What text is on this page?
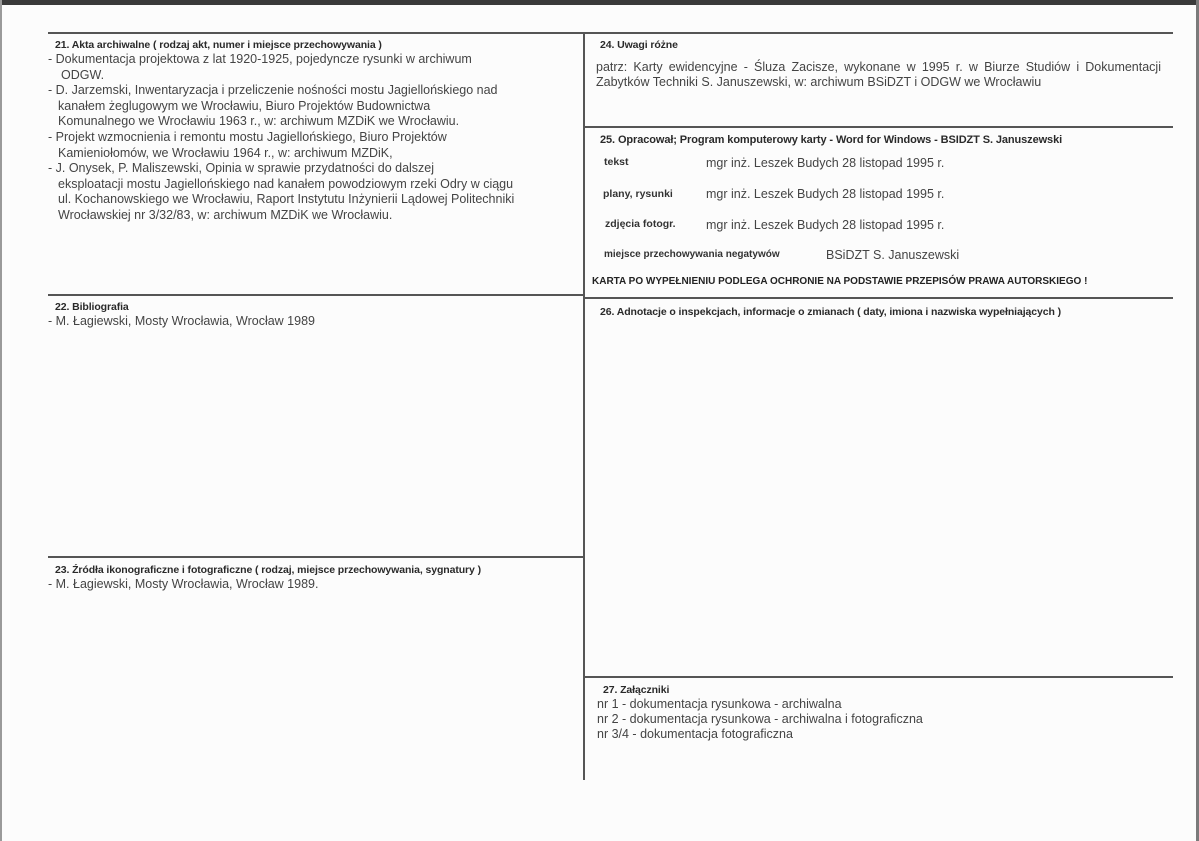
21. Akta archiwalne ( rodzaj akt, numer i miejsce przechowywania )
- Dokumentacja projektowa z lat 1920-1925, pojedyncze rysunki w archiwum
ODGW.
- D. Jarzemski, Inwentaryzacja i przeliczenie nośności mostu Jagiellońskiego nad
kanałem żeglugowym we Wrocławiu, Biuro Projektów Budownictwa
Komunalnego we Wrocławiu 1963 r., w: archiwum MZDiK we Wrocławiu.
- Projekt wzmocnienia i remontu mostu Jagiellońskiego, Biuro Projektów
Kamieniołomów, we Wrocławiu 1964 r., w: archiwum MZDiK,
- J. Onysek, P. Maliszewski, Opinia w sprawie przydatności do dalszej
eksploatacji mostu Jagiellońskiego nad kanałem powodziowym rzeki Odry w ciągu
ul. Kochanowskiego we Wrocławiu, Raport Instytutu Inżynierii Lądowej Politechniki
Wrocławskiej nr 3/32/83, w: archiwum MZDiK we Wrocławiu.
22. Bibliografia
- M. Łagiewski, Mosty Wrocławia, Wrocław 1989
23. Źródła ikonograficzne i fotograficzne ( rodzaj, miejsce przechowywania, sygnatury )
- M. Łagiewski, Mosty Wrocławia, Wrocław 1989.
24. Uwagi różne
patrz: Karty ewidencyjne - Śluza Zacisze, wykonane w 1995 r. w Biurze Studiów i Dokumentacji Zabytków Techniki S. Januszewski, w: archiwum BSiDZT i ODGW we Wrocławiu
25. Opracował; Program komputerowy karty - Word for Windows - BSIDZT S. Januszewski
tekst	mgr inż. Leszek Budych 28 listopad 1995 r.
plany, rysunki	mgr inż. Leszek Budych 28 listopad 1995 r.
zdjęcia fotogr. mgr inż. Leszek Budych 28 listopad 1995 r.
miejsce przechowywania negatywów	BSiDZT S. Januszewski
KARTA PO WYPEŁNIENIU PODLEGA OCHRONIE NA PODSTAWIE PRZEPISÓW PRAWA AUTORSKIEGO !
26. Adnotacje o inspekcjach, informacje o zmianach ( daty, imiona i nazwiska wypełniających )
27. Załączniki
nr 1 - dokumentacja rysunkowa - archiwalna
nr 2 - dokumentacja rysunkowa - archiwalna i fotograficzna
nr 3/4 - dokumentacja fotograficzna
